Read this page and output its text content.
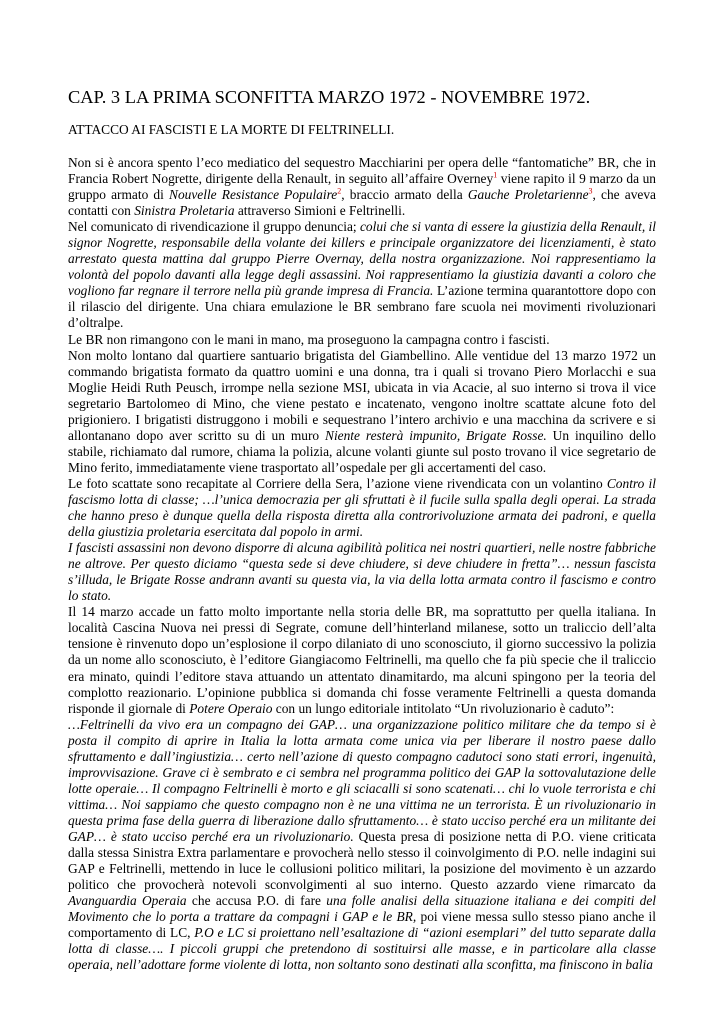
CAP. 3 LA PRIMA SCONFITTA MARZO 1972 - NOVEMBRE 1972.
ATTACCO AI FASCISTI E LA MORTE DI FELTRINELLI.

Non si è ancora spento l’eco mediatico del sequestro Macchiarini per opera delle “fantomatiche” BR, che in Francia Robert Nogrette, dirigente della Renault, in seguito all’affaire Overney$^1$ viene rapito il 9 marzo da un gruppo armato di Nouvelle Resistance Populaire$^2$, braccio armato della Gauche Proletarienne$^3$, che aveva contatti con Sinistra Proletaria attraverso Simioni e Feltrinelli.

Nel comunicato di rivendicazione il gruppo denuncia; colui che si vanta di essere la giustizia della Renault, il signor Nogrette, responsabile della volante dei killers e principale organizzatore dei licenziamenti, è stato arrestato questa mattina dal gruppo Pierre Overnay, della nostra organizzazione. Noi rappresentiamo la volontà del popolo davanti alla legge degli assassini. Noi rappresentiamo la giustizia davanti a coloro che vogliono far regnare il terrore nella più grande impresa di Francia. L’azione termina quarantottore dopo con il rilascio del dirigente. Una chiara emulazione le BR sembrano fare scuola nei movimenti rivoluzionari d’oltralpe.

Le BR non rimangono con le mani in mano, ma proseguono la campagna contro i fascisti.

Non molto lontano dal quartiere santuario brigatista del Giambellino. Alle ventidue del 13 marzo 1972 un commando brigatista formato da quattro uomini e una donna, tra i quali si trovano Piero Morlacchi e sua Moglie Heidi Ruth Peusch, irrompe nella sezione MSI, ubicata in via Acacie, al suo interno si trova il vice segretario Bartolomeo di Mino, che viene pestato e incatenato, vengono inoltre scattate alcune foto del prigioniero. I brigatisti distruggono i mobili e sequestrano l’intero archivio e una macchina da scrivere e si allontanano dopo aver scritto su di un muro Niente resterà impunito, Brigate Rosse. Un inquilino dello stabile, richiamato dal rumore, chiama la polizia, alcune volanti giunte sul posto trovano il vice segretario de Mino ferito, immediatamente viene trasportato all’ospedale per gli accertamenti del caso.

Le foto scattate sono recapitate al Corriere della Sera, l’azione viene rivendicata con un volantino Contro il fascismo lotta di classe; …l’unica democrazia per gli sfruttati è il fucile sulla spalla degli operai. La strada che hanno preso è dunque quella della risposta diretta alla controrivoluzione armata dei padroni, e quella della giustizia proletaria esercitata dal popolo in armi.

I fascisti assassini non devono disporre di alcuna agibilità politica nei nostri quartieri, nelle nostre fabbriche ne altrove. Per questo diciamo “questa sede si deve chiudere, si deve chiudere in fretta”… nessun fascista s’illuda, le Brigate Rosse andrann avanti su questa via, la via della lotta armata contro il fascismo e contro lo stato.

Il 14 marzo accade un fatto molto importante nella storia delle BR, ma soprattutto per quella italiana. In località Cascina Nuova nei pressi di Segrate, comune dell’hinterland milanese, sotto un traliccio dell’alta tensione è rinvenuto dopo un’esplosione il corpo dilaniato di uno sconosciuto, il giorno successivo la polizia da un nome allo sconosciuto, è l’editore Giangiacomo Feltrinelli, ma quello che fa più specie che il traliccio era minato, quindi l’editore stava attuando un attentato dinamitardo, ma alcuni spingono per la teoria del complotto reazionario. L’opinione pubblica si domanda chi fosse veramente Feltrinelli a questa domanda risponde il giornale di Potere Operaio con un lungo editoriale intitolato “Un rivoluzionario è caduto”:

…Feltrinelli da vivo era un compagno dei GAP… una organizzazione politico militare che da tempo si è posta il compito di aprire in Italia la lotta armata come unica via per liberare il nostro paese dallo sfruttamento e dall’ingiustizia… certo nell’azione di questo compagno cadutoci sono stati errori, ingenuità, improvvisazione. Grave ci è sembrato e ci sembra nel programma politico dei GAP la sottovalutazione delle lotte operaie… Il compagno Feltrinelli è morto e gli sciacalli si sono scatenati… chi lo vuole terrorista e chi vittima… Noi sappiamo che questo compagno non è ne una vittima ne un terrorista. È un rivoluzionario in questa prima fase della guerra di liberazione dallo sfruttamento… è stato ucciso perché era un militante dei GAP… è stato ucciso perché era un rivoluzionario. Questa presa di posizione netta di P.O. viene criticata dalla stessa Sinistra Extra parlamentare e provocherà nello stesso il coinvolgimento di P.O. nelle indagini sui GAP e Feltrinelli, mettendo in luce le collusioni politico militari, la posizione del movimento è un azzardo politico che provocherà notevoli sconvolgimenti al suo interno. Questo azzardo viene rimarcato da Avanguardia Operaia che accusa P.O. di fare una folle analisi della situazione italiana e dei compiti del Movimento che lo porta a trattare da compagni i GAP e le BR, poi viene messa sullo stesso piano anche il comportamento di LC, P.O e LC si proiettano nell’esaltazione di “azioni esemplari” del tutto separate dalla lotta di classe…. I piccoli gruppi che pretendono di sostituirsi alle masse, e in particolare alla classe operaia, nell’adottare forme violente di lotta, non soltanto sono destinati alla sconfitta, ma finiscono in balia
